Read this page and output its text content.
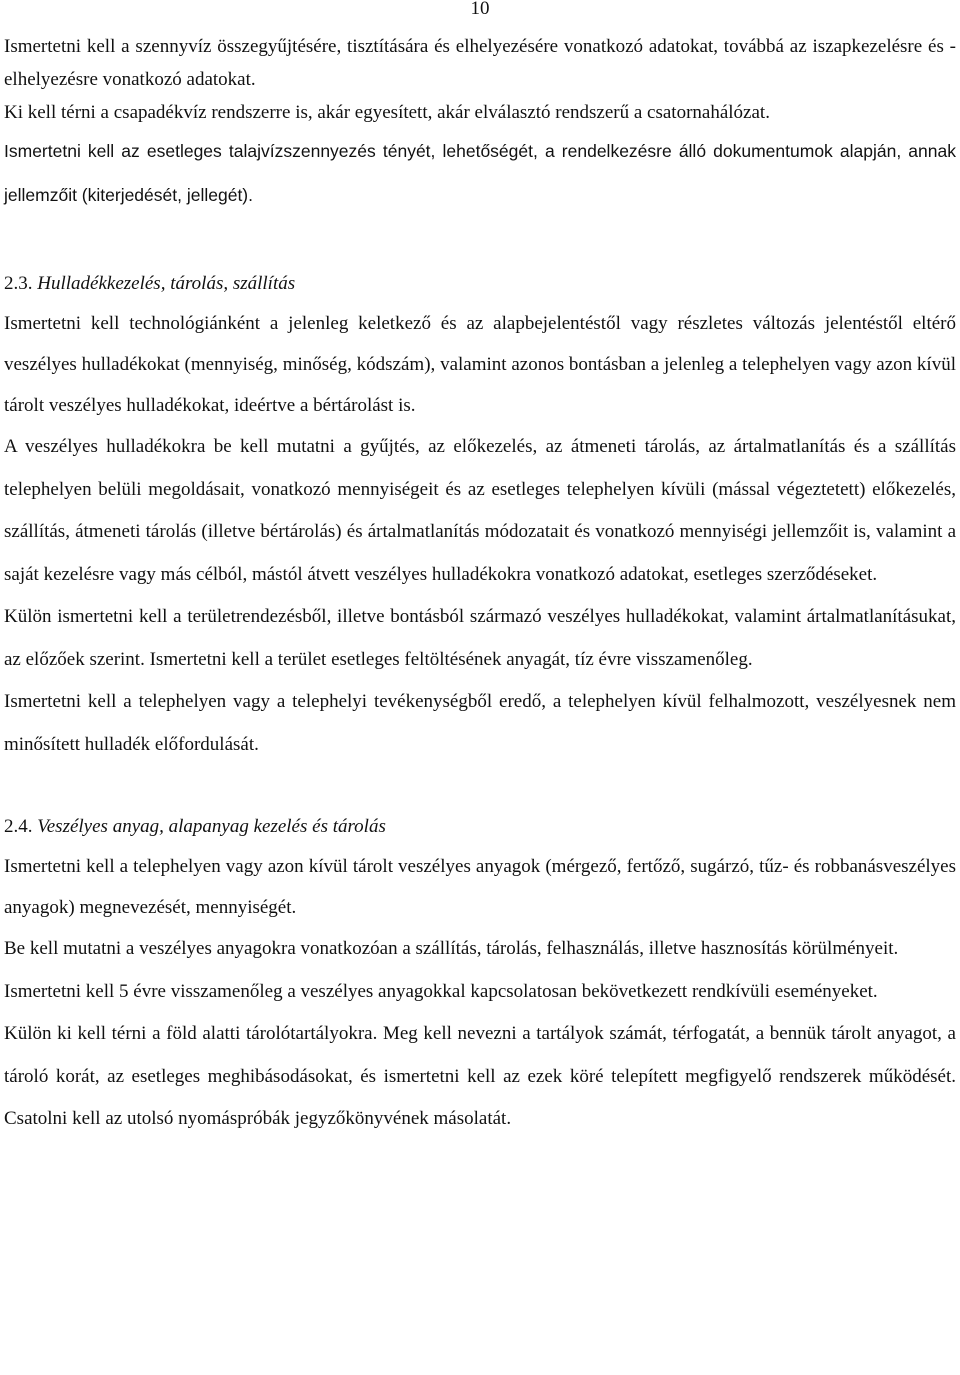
10

Ismertetni kell a szennyvíz összegyűjtésére, tisztítására és elhelyezésére vonatkozó adatokat, továbbá az iszapkezelésre és -elhelyezésre vonatkozó adatokat.

Ki kell térni a csapadékvíz rendszerre is, akár egyesített, akár elválasztó rendszerű a csatornahálózat.

Ismertetni kell az esetleges talajvízszennyezés tényét, lehetőségét, a rendelkezésre álló dokumentumok alapján, annak jellemzőit (kiterjedését, jellegét).

2.3. Hulladékkezelés, tárolás, szállítás

Ismertetni kell technológiánként a jelenleg keletkező és az alapbejelentéstől vagy részletes változás jelentéstől eltérő veszélyes hulladékokat (mennyiség, minőség, kódszám), valamint azonos bontásban a jelenleg a telephelyen vagy azon kívül tárolt veszélyes hulladékokat, ideértve a bértárolást is.

A veszélyes hulladékokra be kell mutatni a gyűjtés, az előkezelés, az átmeneti tárolás, az ártalmatlanítás és a szállítás telephelyen belüli megoldásait, vonatkozó mennyiségeit és az esetleges telephelyen kívüli (mással végeztetett) előkezelés, szállítás, átmeneti tárolás (illetve bértárolás) és ártalmatlanítás módozatait és vonatkozó mennyiségi jellemzőit is, valamint a saját kezelésre vagy más célból, mástól átvett veszélyes hulladékokra vonatkozó adatokat, esetleges szerződéseket.

Külön ismertetni kell a területrendezésből, illetve bontásból származó veszélyes hulladékokat, valamint ártalmatlanításukat, az előzőek szerint. Ismertetni kell a terület esetleges feltöltésének anyagát, tíz évre visszamenőleg.

Ismertetni kell a telephelyen vagy a telephelyi tevékenységből eredő, a telephelyen kívül felhalmozott, veszélyesnek nem minősített hulladék előfordulását.

2.4. Veszélyes anyag, alapanyag kezelés és tárolás

Ismertetni kell a telephelyen vagy azon kívül tárolt veszélyes anyagok (mérgező, fertőző, sugárzó, tűz- és robbanásveszélyes anyagok) megnevezését, mennyiségét.

Be kell mutatni a veszélyes anyagokra vonatkozóan a szállítás, tárolás, felhasználás, illetve hasznosítás körülményeit.

Ismertetni kell 5 évre visszamenőleg a veszélyes anyagokkal kapcsolatosan bekövetkezett rendkívüli eseményeket.

Külön ki kell térni a föld alatti tárolótartályokra. Meg kell nevezni a tartályok számát, térfogatát, a bennük tárolt anyagot, a tároló korát, az esetleges meghibásodásokat, és ismertetni kell az ezek köré telepített megfigyelő rendszerek működését. Csatolni kell az utolsó nyomáspróbák jegyzőkönyvének másolatát.
